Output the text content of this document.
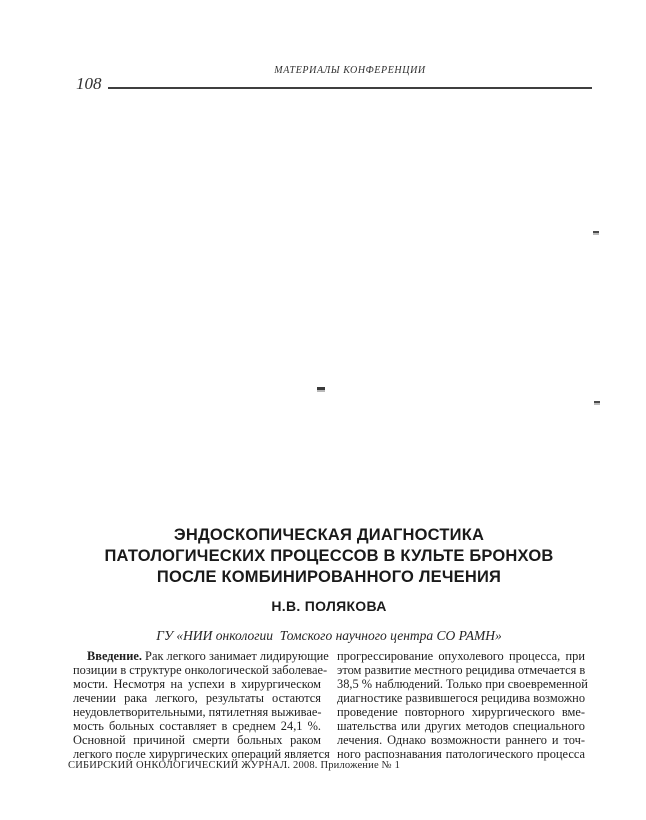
МАТЕРИАЛЫ КОНФЕРЕНЦИИ
108
ЭНДОСКОПИЧЕСКАЯ ДИАГНОСТИКА
ПАТОЛОГИЧЕСКИХ ПРОЦЕССОВ В КУЛЬТЕ БРОНХОВ
ПОСЛЕ КОМБИНИРОВАННОГО ЛЕЧЕНИЯ
Н.В. ПОЛЯКОВА
ГУ «НИИ онкологии  Томского научного центра СО РАМН»
Введение. Рак легкого занимает лидирующие
позиции в структуре онкологической заболевае-
мости. Несмотря на успехи в хирургическом
лечении рака легкого, результаты остаются
неудовлетворительными, пятилетняя выживае-
мость больных составляет в среднем 24,1 %.
Основной причиной смерти больных раком
легкого после хирургических операций является
прогрессирование опухолевого процесса, при
этом развитие местного рецидива отмечается в
38,5 % наблюдений. Только при своевременной
диагностике развившегося рецидива возможно
проведение повторного хирургического вме-
шательства или других методов специального
лечения. Однако возможности раннего и точ-
ного распознавания патологического процесса
СИБИРСКИЙ ОНКОЛОГИЧЕСКИЙ ЖУРНАЛ. 2008. Приложение № 1
